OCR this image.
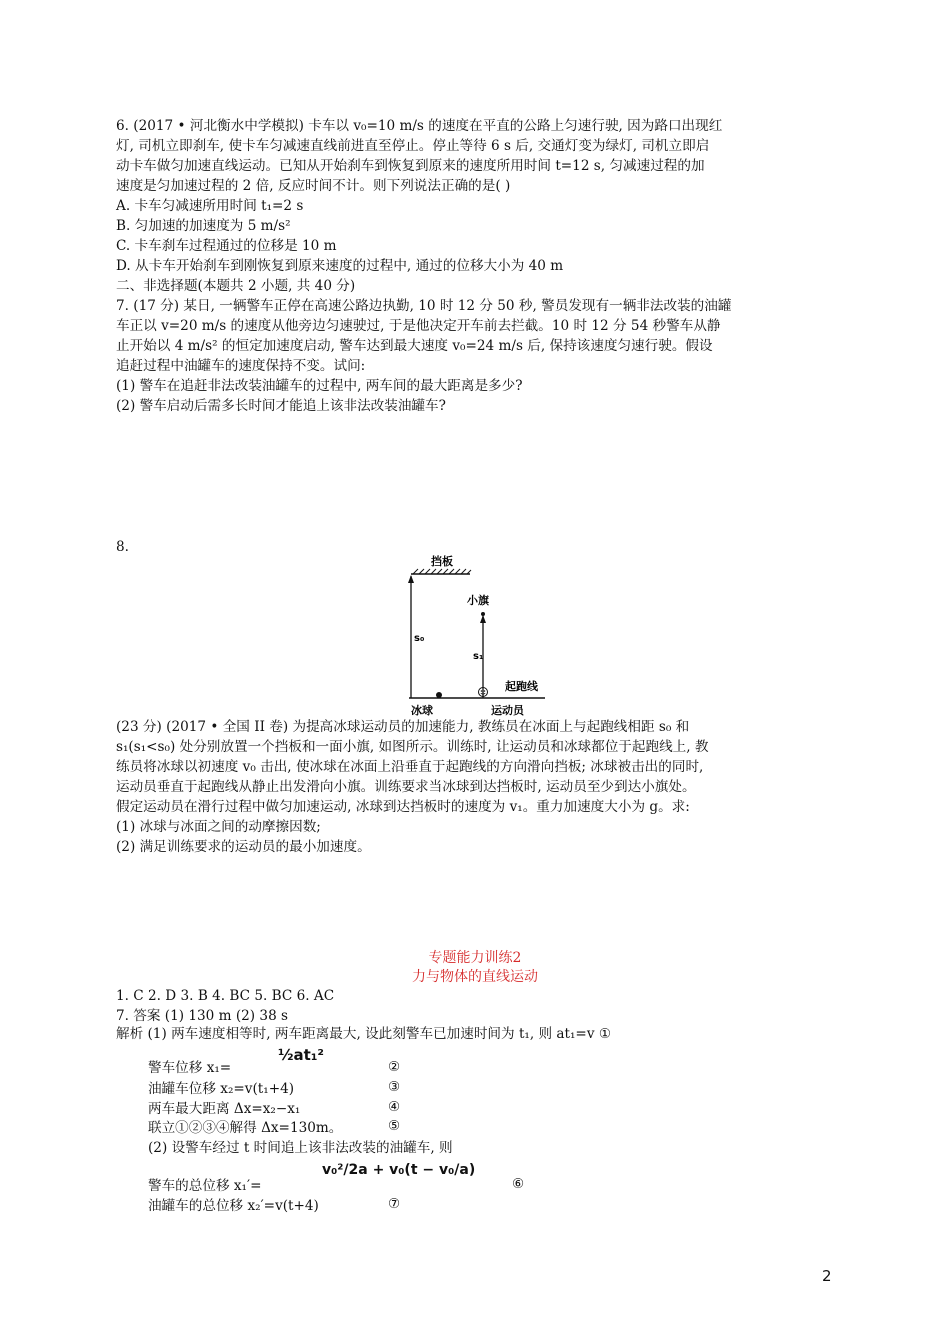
6. (2017 • 河北衡水中学模拟) 卡车以 v₀=10 m/s 的速度在平直的公路上匀速行驶, 因为路口出现红
灯, 司机立即刹车, 使卡车匀减速直线前进直至停止。停止等待 6 s 后, 交通灯变为绿灯, 司机立即启
动卡车做匀加速直线运动。已知从开始刹车到恢复到原来的速度所用时间 t=12 s, 匀减速过程的加
速度是匀加速过程的 2 倍, 反应时间不计。则下列说法正确的是( )
A. 卡车匀减速所用时间 t₁=2 s
B. 匀加速的加速度为 5 m/s²
C. 卡车刹车过程通过的位移是 10 m
D. 从卡车开始刹车到刚恢复到原来速度的过程中, 通过的位移大小为 40 m
二、非选择题(本题共 2 小题, 共 40 分)
7. (17 分) 某日, 一辆警车正停在高速公路边执勤, 10 时 12 分 50 秒, 警员发现有一辆非法改装的油罐
车正以 v=20 m/s 的速度从他旁边匀速驶过, 于是他决定开车前去拦截。10 时 12 分 54 秒警车从静
止开始以 4 m/s² 的恒定加速度启动, 警车达到最大速度 v₀=24 m/s 后, 保持该速度匀速行驶。假设
追赶过程中油罐车的速度保持不变。试问:
(1) 警车在追赶非法改装油罐车的过程中, 两车间的最大距离是多少?
(2) 警车启动后需多长时间才能追上该非法改装油罐车?
8.
挡板
s₀
小旗
s₁
起跑线
冰球	运动员
(23 分) (2017 • 全国 II 卷) 为提高冰球运动员的加速能力, 教练员在冰面上与起跑线相距 s₀ 和
s₁(s₁<s₀) 处分别放置一个挡板和一面小旗, 如图所示。训练时, 让运动员和冰球都位于起跑线上, 教
练员将冰球以初速度 v₀ 击出, 使冰球在冰面上沿垂直于起跑线的方向滑向挡板; 冰球被击出的同时,
运动员垂直于起跑线从静止出发滑向小旗。训练要求当冰球到达挡板时, 运动员至少到达小旗处。
假定运动员在滑行过程中做匀加速运动, 冰球到达挡板时的速度为 v₁。重力加速度大小为 g。求:
(1) 冰球与冰面之间的动摩擦因数;
(2) 满足训练要求的运动员的最小加速度。
专题能力训练2
力与物体的直线运动
1. C 2. D 3. B 4. BC 5. BC 6. AC
7. 答案 (1) 130 m (2) 38 s
解析 (1) 两车速度相等时, 两车距离最大, 设此刻警车已加速时间为 t₁, 则 at₁=v ①
警车位移 x₁=
½at₁²
②
油罐车位移 x₂=v(t₁+4)	③
两车最大距离 Δx=x₂−x₁	④
联立①②③④解得 Δx=130m。	⑤
(2) 设警车经过 t 时间追上该非法改装的油罐车, 则
警车的总位移 x₁′=
v₀²/2a + v₀(t − v₀/a)
⑥
油罐车的总位移 x₂′=v(t+4)	⑦
2
